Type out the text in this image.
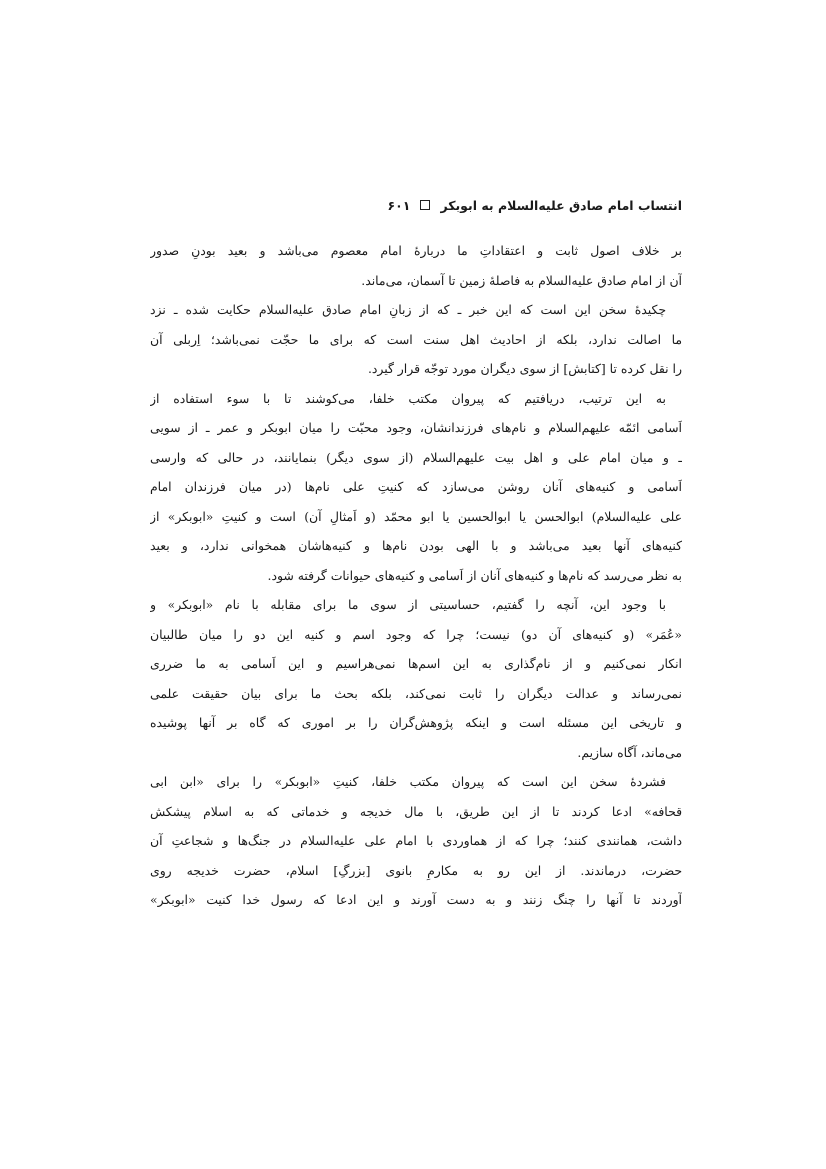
انتساب امام صادق علیه‌السلام به ابوبکر
۶۰۱
بر خلاف اصول ثابت و اعتقاداتِ ما دربارهٔ امام معصوم می‌باشد و بعید بودنِ صدور
آن از امام صادق علیه‌السلام به فاصلهٔ زمین تا آسمان، می‌ماند.
چکیدهٔ سخن این است که این خبر ـ که از زبانِ امام صادق علیه‌السلام حکایت شده ـ نزد
ما اصالت ندارد، بلکه از احادیث اهل سنت است که برای ما حجّت نمی‌باشد؛ اِربلی آن
را نقل کرده تا [کتابش] از سوی دیگران مورد توجّه قرار گیرد.
به این ترتیب، دریافتیم که پیروان مکتب خلفا، می‌کوشند تا با سوء استفاده از
اَسامی ائمّه علیهم‌السلام و نام‌های فرزندانشان، وجود محبّت را میان ابوبکر و عمر ـ از سویی
ـ و میان امام علی و اهل بیت علیهم‌السلام (از سوی دیگر) بنمایانند، در حالی که وارسی
اَسامی و کنیه‌های آنان روشن می‌سازد که کنیتِ علی نام‌ها (در میان فرزندان امام
علی علیه‌السلام) ابوالحسن یا ابوالحسین یا ابو محمّد (و اَمثالِ آن) است و کنیتِ «ابوبکر» از
کنیه‌های آنها بعید می‌باشد و با الهی بودن نام‌ها و کنیه‌هاشان همخوانی ندارد، و بعید
به نظر می‌رسد که نام‌ها و کنیه‌های آنان از اَسامی و کنیه‌های حیوانات گرفته شود.
با وجود این، آنچه را گفتیم، حساسیتی از سوی ما برای مقابله با نام «ابوبکر» و
«عُمَر» (و کنیه‌های آن دو) نیست؛ چرا که وجود اسم و کنیه این دو را میان طالبیان
انکار نمی‌کنیم و از نام‌گذاری به این اسم‌ها نمی‌هراسیم و این اَسامی به ما ضرری
نمی‌رساند و عدالت دیگران را ثابت نمی‌کند، بلکه بحث ما برای بیان حقیقت علمی
و تاریخی این مسئله است و اینکه پژوهش‌گران را بر اموری که گاه بر آنها پوشیده
می‌ماند، آگاه سازیم.
فشردهٔ سخن این است که پیروان مکتب خلفا، کنیتِ «ابوبکر» را برای «ابن ابی
قحافه» ادعا کردند تا از این طریق، با مال خدیجه و خدماتی که به اسلام پیشکش
داشت، همانندی کنند؛ چرا که از هماوردی با امام علی علیه‌السلام در جنگ‌ها و شجاعتِ آن
حضرت، درماندند. از این رو به مکارمِ بانوی [بزرگِ] اسلام، حضرت خدیجه روی
آوردند تا آنها را چنگ زنند و به دست آورند و این ادعا که رسول خدا کنیت «ابوبکر»
